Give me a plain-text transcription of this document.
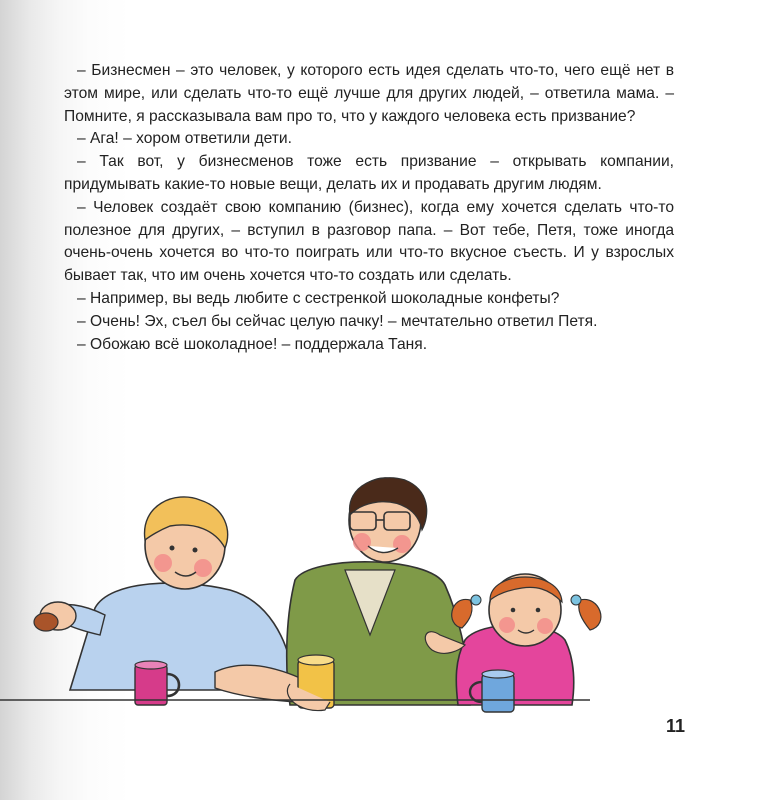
– Бизнесмен – это человек, у которого есть идея сделать что-то, чего ещё нет в этом мире, или сделать что-то ещё лучше для других людей, – ответила мама. – Помните, я рассказывала вам про то, что у каждого человека есть призвание?

– Ага! – хором ответили дети.

– Так вот, у бизнесменов тоже есть призвание – открывать компании, придумывать какие-то новые вещи, делать их и продавать другим людям.

– Человек создаёт свою компанию (бизнес), когда ему хочется сделать что-то полезное для других, – вступил в разговор папа. – Вот тебе, Петя, тоже иногда очень-очень хочется во что-то поиграть или что-то вкусное съесть. И у взрослых бывает так, что им очень хочется что-то создать или сделать.

– Например, вы ведь любите с сестренкой шоколадные конфеты?

– Очень! Эх, съел бы сейчас целую пачку! – мечтательно ответил Петя.

– Обожаю всё шоколадное! – поддержала Таня.

11
